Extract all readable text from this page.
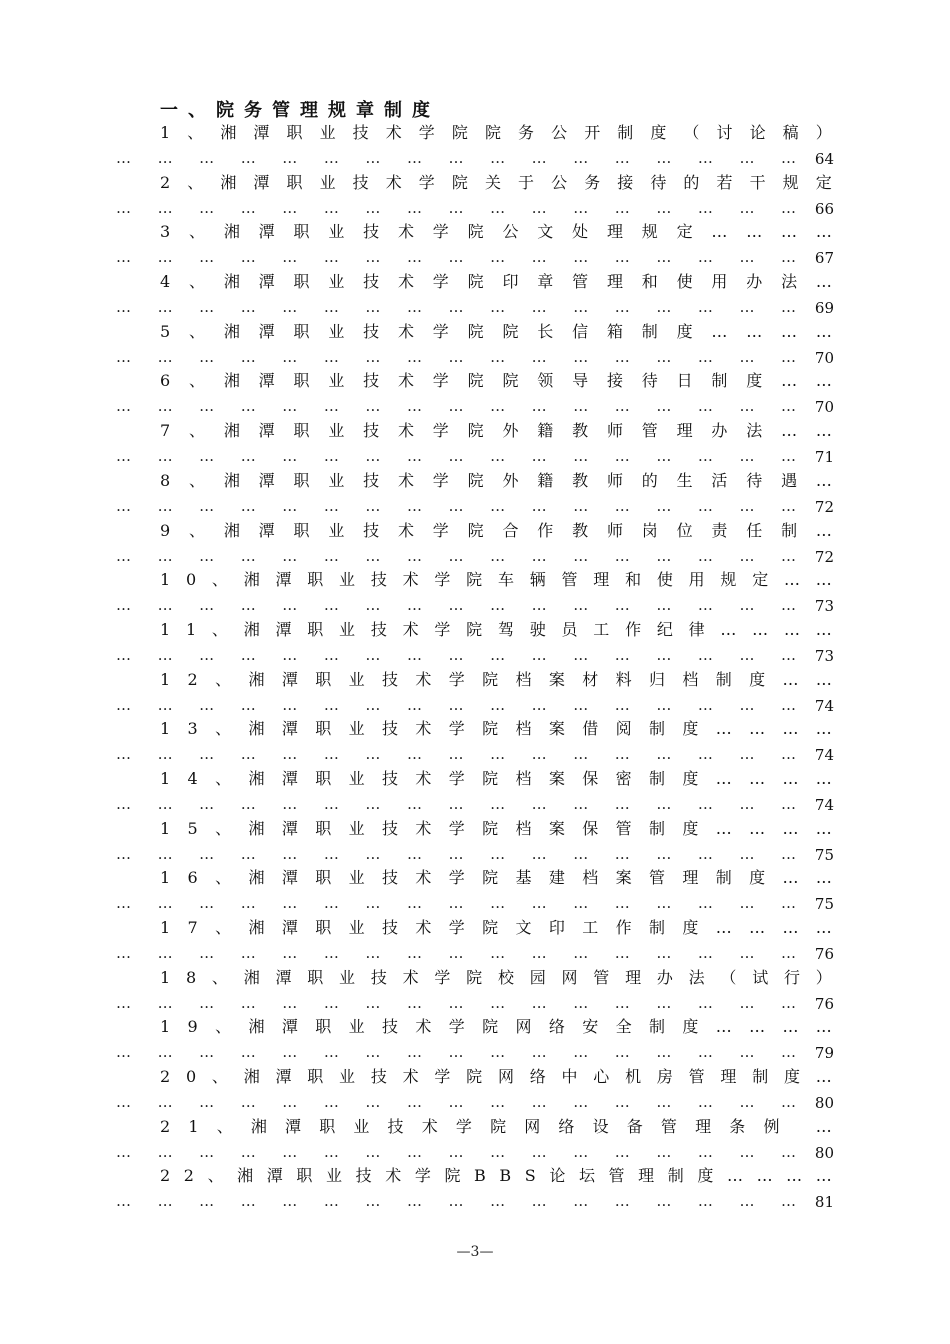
一、院务管理规章制度
1 、 湘 潭 职 业 技 术 学 院 院 务 公 开 制 度 （ 讨 论 稿 ）
… … … … … … … … … … … … … … … … …	64
2 、 湘 潭 职 业 技 术 学 院 关 于 公 务 接 待 的 若 干 规 定
… … … … … … … … … … … … … … … … …	66
3 、 湘 潭 职 业 技 术 学 院 公 文 处 理 规 定 … … … …
… … … … … … … … … … … … … … … … …	67
4 、 湘 潭 职 业 技 术 学 院 印 章 管 理 和 使 用 办 法 …
… … … … … … … … … … … … … … … … …	69
5 、 湘 潭 职 业 技 术 学 院 院 长 信 箱 制 度 … … … …
… … … … … … … … … … … … … … … … …	70
6 、 湘 潭 职 业 技 术 学 院 院 领 导 接 待 日 制 度 … …
… … … … … … … … … … … … … … … … …	70
7 、 湘 潭 职 业 技 术 学 院 外 籍 教 师 管 理 办 法 … …
… … … … … … … … … … … … … … … … …	71
8 、 湘 潭 职 业 技 术 学 院 外 籍 教 师 的 生 活 待 遇 …
… … … … … … … … … … … … … … … … …	72
9 、 湘 潭 职 业 技 术 学 院 合 作 教 师 岗 位 责 任 制 …
… … … … … … … … … … … … … … … … …	72
1 0 、 湘 潭 职 业 技 术 学 院 车 辆 管 理 和 使 用 规 定 … …
… … … … … … … … … … … … … … … … …	73
1 1 、 湘 潭 职 业 技 术 学 院 驾 驶 员 工 作 纪 律 … … … …
… … … … … … … … … … … … … … … … …	73
1 2 、 湘 潭 职 业 技 术 学 院 档 案 材 料 归 档 制 度 … …
… … … … … … … … … … … … … … … … …	74
1 3 、 湘 潭 职 业 技 术 学 院 档 案 借 阅 制 度 … … … …
… … … … … … … … … … … … … … … … …	74
1 4 、 湘 潭 职 业 技 术 学 院 档 案 保 密 制 度 … … … …
… … … … … … … … … … … … … … … … …	74
1 5 、 湘 潭 职 业 技 术 学 院 档 案 保 管 制 度 … … … …
… … … … … … … … … … … … … … … … …	75
1 6 、 湘 潭 职 业 技 术 学 院 基 建 档 案 管 理 制 度 … …
… … … … … … … … … … … … … … … … …	75
1 7 、 湘 潭 职 业 技 术 学 院 文 印 工 作 制 度 … … … …
… … … … … … … … … … … … … … … … …	76
1 8 、 湘 潭 职 业 技 术 学 院 校 园 网 管 理 办 法 （ 试 行 ）
… … … … … … … … … … … … … … … … …	76
1 9 、 湘 潭 职 业 技 术 学 院 网 络 安 全 制 度 … … … …
… … … … … … … … … … … … … … … … …	79
2 0 、 湘 潭 职 业 技 术 学 院 网 络 中 心 机 房 管 理 制 度 …
… … … … … … … … … … … … … … … … …	80
2 1 、 湘 潭 职 业 技 术 学 院 网 络 设 备 管 理 条 例 …
… … … … … … … … … … … … … … … … …	80
2 2 、 湘 潭 职 业 技 术 学 院 B B S 论 坛 管 理 制 度 … … … …
… … … … … … … … … … … … … … … … …	81
—3—
